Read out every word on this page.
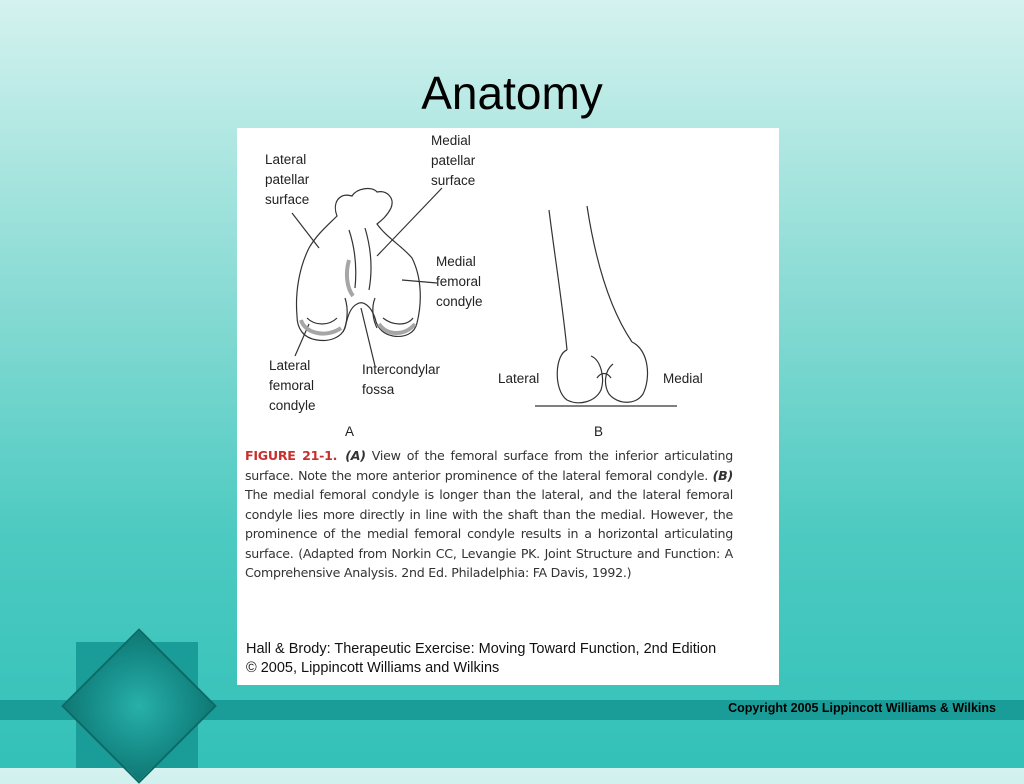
Anatomy
Lateral
patellar
surface
Medial
patellar
surface
Medial
femoral
condyle
Lateral
femoral
condyle
Intercondylar
fossa
A
Lateral	Medial
B
FIGURE 21-1. (A) View of the femoral surface from the inferior articulating surface. Note the more anterior prominence of the lateral femoral condyle. (B) The medial femoral condyle is longer than the lateral, and the lateral femoral condyle lies more directly in line with the shaft than the medial. However, the prominence of the medial femoral condyle results in a horizontal articulating surface. (Adapted from Norkin CC, Levangie PK. Joint Structure and Function: A Comprehensive Analysis. 2nd Ed. Philadelphia: FA Davis, 1992.)
Hall & Brody: Therapeutic Exercise: Moving Toward Function, 2nd Edition
© 2005, Lippincott Williams and Wilkins
Copyright 2005 Lippincott Williams & Wilkins
